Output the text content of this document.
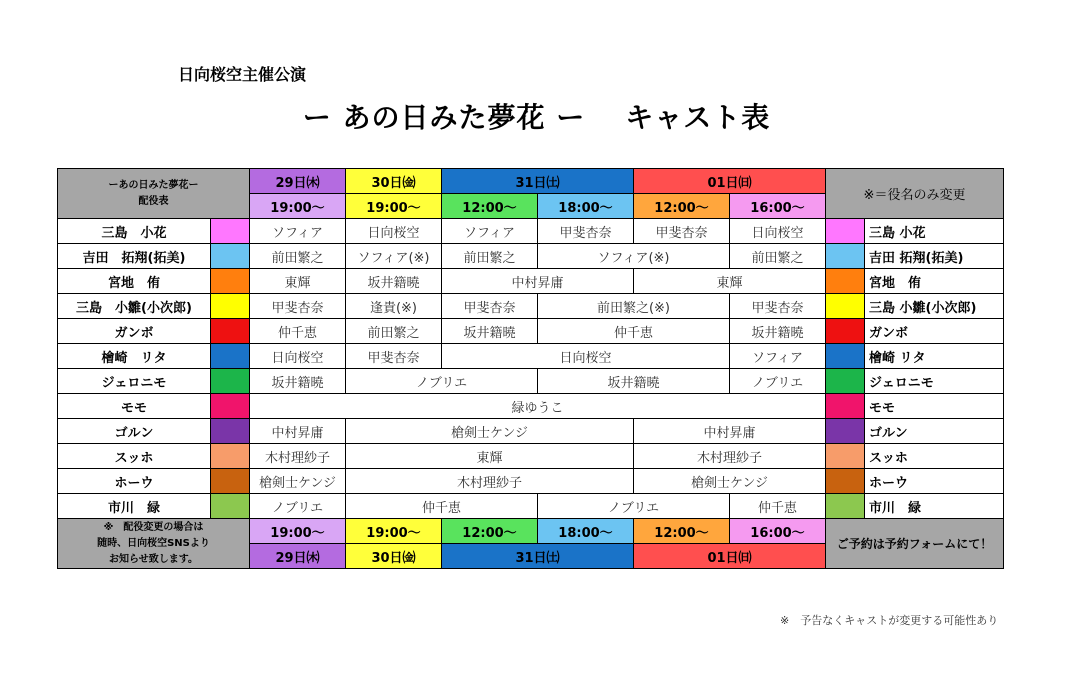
日向桜空主催公演
ー あの日みた夢花 ー キャスト表
ーあの日みた夢花ー
配役表		29日㈭	30日㈮	31日㈯		01日㈰		※＝役名のみ変更	
		19:00〜	19:00〜	12:00〜	18:00〜	12:00〜	16:00〜		
三島　小花		ソフィア	日向桜空	ソフィア	甲斐杏奈	甲斐杏奈	日向桜空		三島 小花
吉田　拓翔(拓美)		前田繁之	ソフィア(※)	前田繁之	ソフィア(※)		前田繁之		吉田 拓翔(拓美)
宮地　侑		東輝	坂井籍曉	中村昇庸		東輝			宮地　侑
三島　小雛(小次郎)		甲斐杏奈	逢貴(※)	甲斐杏奈	前田繁之(※)		甲斐杏奈		三島 小雛(小次郎)
ガンボ		仲千恵	前田繁之	坂井籍曉	仲千恵		坂井籍曉		ガンボ
檜崎　リタ		日向桜空	甲斐杏奈	日向桜空			ソフィア		檜崎 リタ
ジェロニモ		坂井籍曉	ノブリエ		坂井籍曉		ノブリエ		ジェロニモ
モモ		緑ゆうこ							モモ
ゴルン		中村昇庸	槍剣士ケンジ			中村昇庸			ゴルン
スッホ		木村理紗子	東輝			木村理紗子			スッホ
ホーウ		槍剣士ケンジ	木村理紗子			槍剣士ケンジ			ホーウ
市川　緑		ノブリエ	仲千恵		ノブリエ		仲千恵		市川　緑
※　配役変更の場合は
随時、日向桜空SNSより
お知らせ致します。		19:00〜	19:00〜	12:00〜	18:00〜	12:00〜	16:00〜	ご予約は予約フォームにて！	
		29日㈭	30日㈮	31日㈯		01日㈰			
※　予告なくキャストが変更する可能性あり
